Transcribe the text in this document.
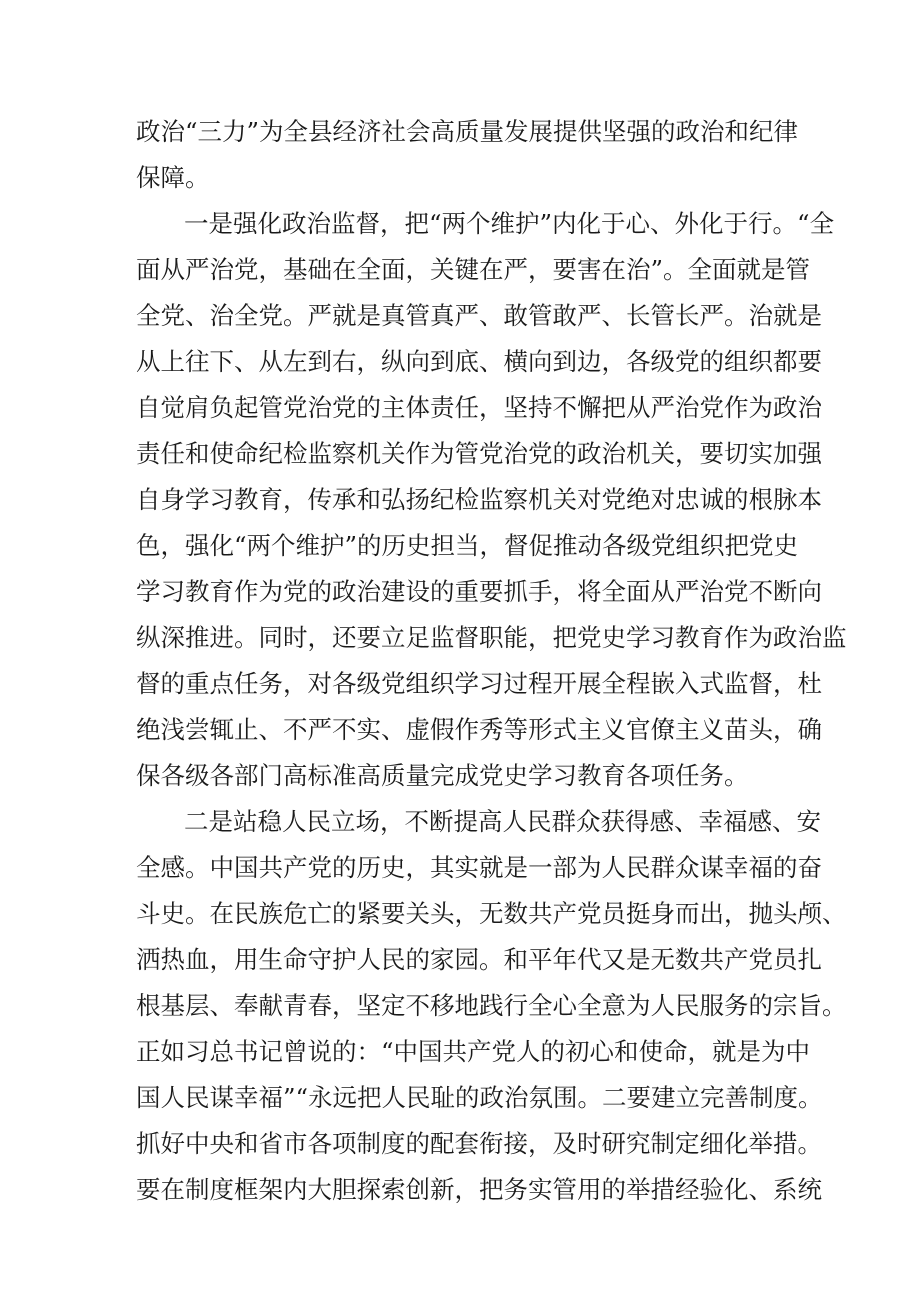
政治“三力”为全县经济社会高质量发展提供坚强的政治和纪律
保障。
一是强化政治监督，把“两个维护”内化于心、外化于行。“全
面从严治党，基础在全面，关键在严，要害在治”。全面就是管
全党、治全党。严就是真管真严、敢管敢严、长管长严。治就是
从上往下、从左到右，纵向到底、横向到边，各级党的组织都要
自觉肩负起管党治党的主体责任，坚持不懈把从严治党作为政治
责任和使命纪检监察机关作为管党治党的政治机关，要切实加强
自身学习教育，传承和弘扬纪检监察机关对党绝对忠诚的根脉本
色，强化“两个维护”的历史担当，督促推动各级党组织把党史
学习教育作为党的政治建设的重要抓手，将全面从严治党不断向
纵深推进。同时，还要立足监督职能，把党史学习教育作为政治监
督的重点任务，对各级党组织学习过程开展全程嵌入式监督，杜
绝浅尝辄止、不严不实、虚假作秀等形式主义官僚主义苗头，确
保各级各部门高标准高质量完成党史学习教育各项任务。
二是站稳人民立场，不断提高人民群众获得感、幸福感、安
全感。中国共产党的历史，其实就是一部为人民群众谋幸福的奋
斗史。在民族危亡的紧要关头，无数共产党员挺身而出，抛头颅、
洒热血，用生命守护人民的家园。和平年代又是无数共产党员扎
根基层、奉献青春，坚定不移地践行全心全意为人民服务的宗旨。
正如习总书记曾说的：“中国共产党人的初心和使命，就是为中
国人民谋幸福”“永远把人民耻的政治氛围。二要建立完善制度。
抓好中央和省市各项制度的配套衔接，及时研究制定细化举措。
要在制度框架内大胆探索创新，把务实管用的举措经验化、系统
